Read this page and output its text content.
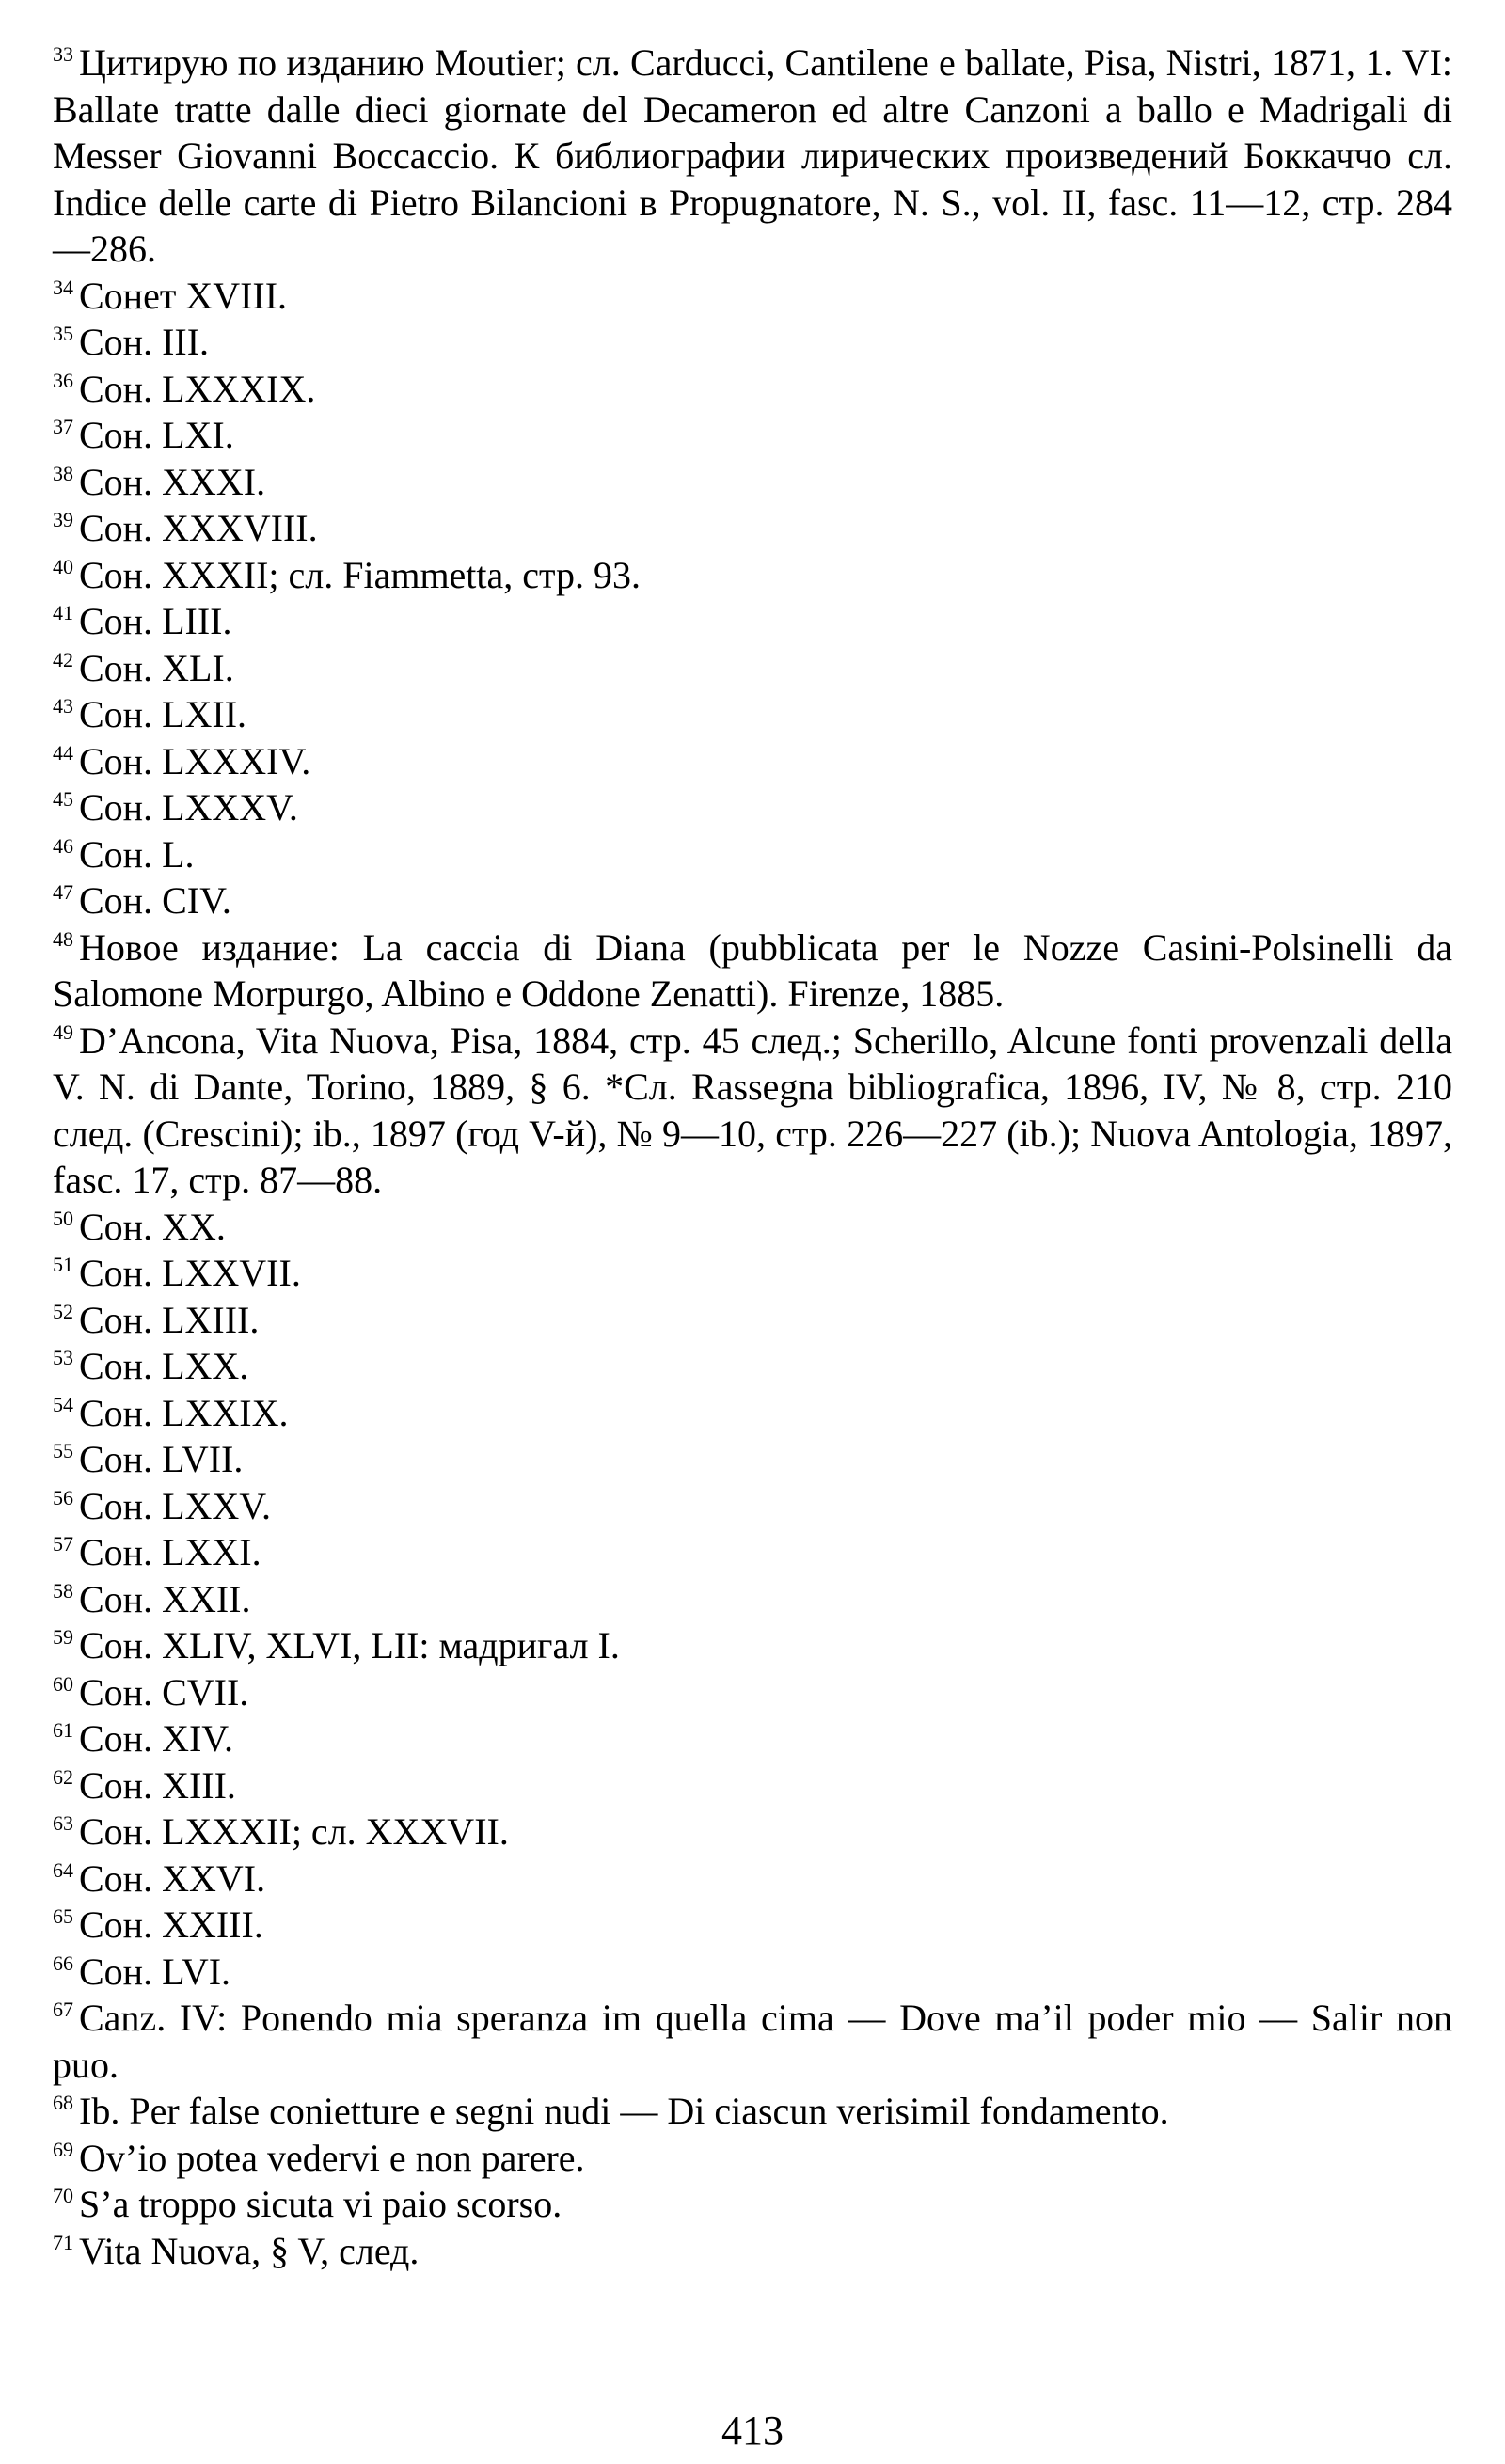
$^{33}$ Цитирую по изданию Moutier; сл. Carducci, Cantilene e ballate, Pisa, Nistri, 1871, 1. VI: Ballate tratte dalle dieci giornate del Decameron ed altre Canzoni a ballo e Madrigali di Messer Giovanni Boccaccio. К библиографии лирических произведений Боккаччо сл. Indice delle carte di Pietro Bilancioni в Propugnatore, N. S., vol. II, fasc. 11—12, стр. 284—286.

$^{34}$ Сонет XVIII.

$^{35}$ Сон. III.

$^{36}$ Сон. LXXXIX.

$^{37}$ Сон. LXI.

$^{38}$ Сон. XXXI.

$^{39}$ Сон. XXXVIII.

$^{40}$ Сон. XXXII; сл. Fiammetta, стр. 93.

$^{41}$ Сон. LIII.

$^{42}$ Сон. XLI.

$^{43}$ Сон. LXII.

$^{44}$ Сон. LXXXIV.

$^{45}$ Сон. LXXXV.

$^{46}$ Сон. L.

$^{47}$ Сон. CIV.

$^{48}$ Новое издание: La caccia di Diana (pubblicata per le Nozze Casini-Polsinelli da Salomone Morpurgo, Albino e Oddone Zenatti). Firenze, 1885.

$^{49}$ D’Ancona, Vita Nuova, Pisa, 1884, стр. 45 след.; Scherillo, Alcune fonti provenzali della V. N. di Dante, Torino, 1889, § 6. *Сл. Rassegna bibliografica, 1896, IV, № 8, стр. 210 след. (Crescini); ib., 1897 (год V-й), № 9—10, стр. 226—227 (ib.); Nuova Antologia, 1897, fasc. 17, стр. 87—88.

$^{50}$ Сон. XX.

$^{51}$ Сон. LXXVII.

$^{52}$ Сон. LXIII.

$^{53}$ Сон. LXX.

$^{54}$ Сон. LXXIX.

$^{55}$ Сон. LVII.

$^{56}$ Сон. LXXV.

$^{57}$ Сон. LXXI.

$^{58}$ Сон. XXII.

$^{59}$ Сон. XLIV, XLVI, LII: мадригал I.

$^{60}$ Сон. CVII.

$^{61}$ Сон. XIV.

$^{62}$ Сон. XIII.

$^{63}$ Сон. LXXXII; сл. XXXVII.

$^{64}$ Сон. XXVI.

$^{65}$ Сон. XXIII.

$^{66}$ Сон. LVI.

$^{67}$ Canz. IV: Ponendo mia speranza im quella cima — Dove ma’il poder mio — Salir non puo.

$^{68}$ Ib. Per false conietture e segni nudi — Di ciascun verisimil fondamento.

$^{69}$ Ov’io potea vedervi e non parere.

$^{70}$ S’a troppo sicuta vi paio scorso.

$^{71}$ Vita Nuova, § V, след.

413
